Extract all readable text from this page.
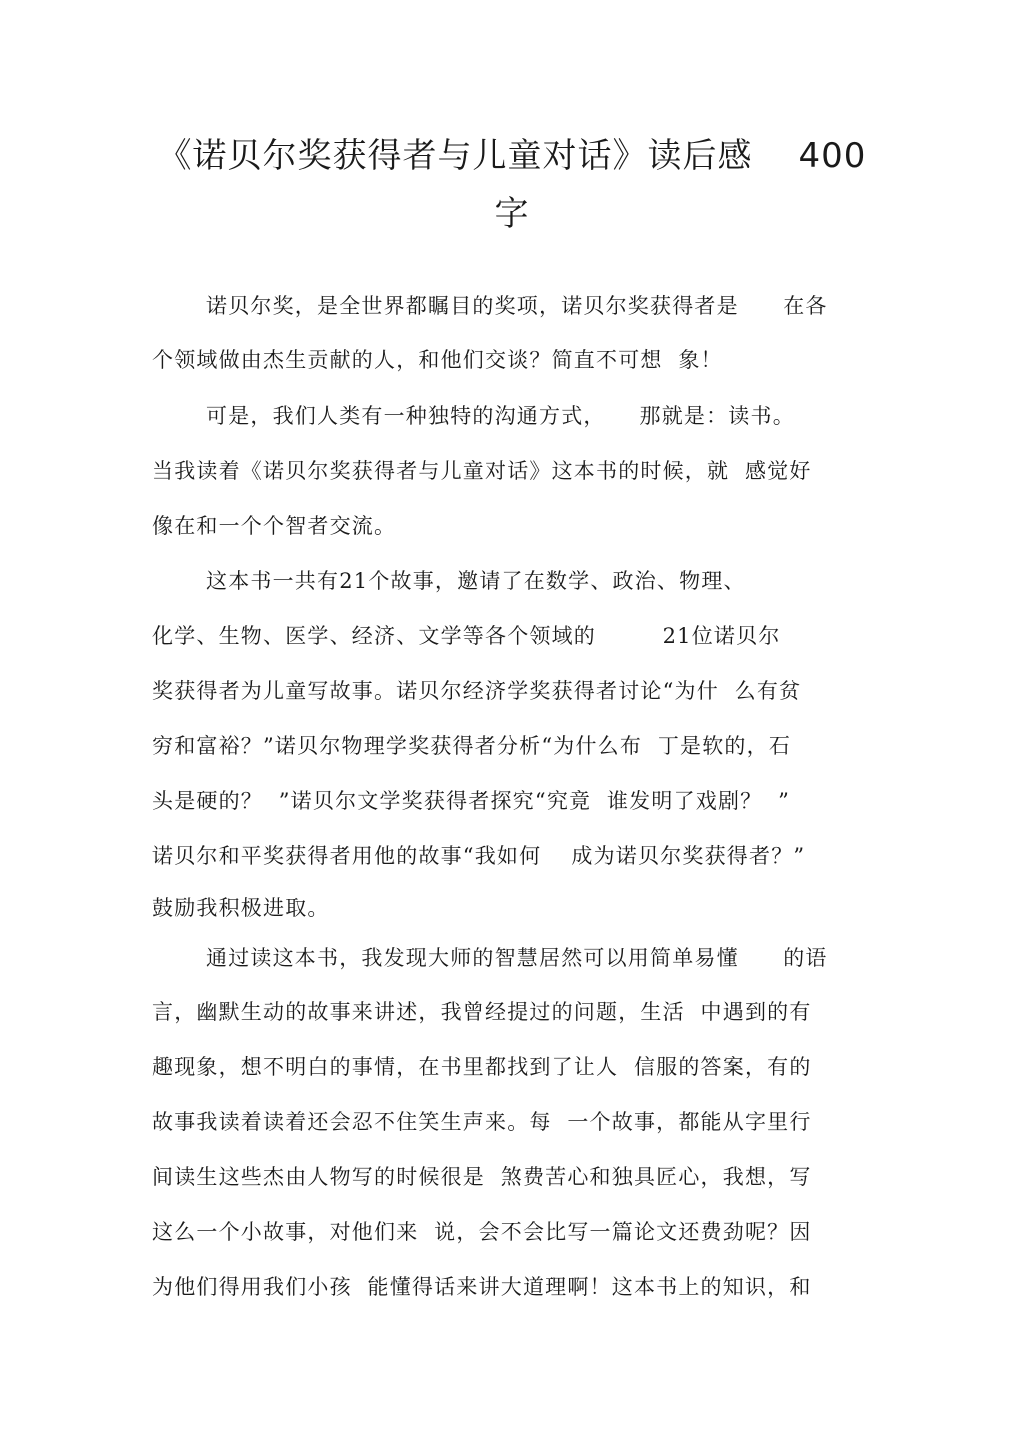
《诺贝尔奖获得者与儿童对话》读后感 400
字
诺贝尔奖，是全世界都瞩目的奖项，诺贝尔奖获得者是　　在各
个领域做由杰生贡献的人，和他们交谈？简直不可想  象！
可是，我们人类有一种独特的沟通方式，　　那就是：读书。
当我读着《诺贝尔奖获得者与儿童对话》这本书的时候，就  感觉好
像在和一个个智者交流。
这本书一共有21个故事，邀请了在数学、政治、物理、
化学、生物、医学、经济、文学等各个领域的　　　21位诺贝尔
奖获得者为儿童写故事。诺贝尔经济学奖获得者讨论“为什  么有贫
穷和富裕？”诺贝尔物理学奖获得者分析“为什么布  丁是软的，石
头是硬的？  ”诺贝尔文学奖获得者探究“究竟  谁发明了戏剧？  ”
诺贝尔和平奖获得者用他的故事“我如何　 成为诺贝尔奖获得者？”
鼓励我积极进取。
通过读这本书，我发现大师的智慧居然可以用简单易懂　　的语
言，幽默生动的故事来讲述，我曾经提过的问题，生活  中遇到的有
趣现象，想不明白的事情，在书里都找到了让人  信服的答案，有的
故事我读着读着还会忍不住笑生声来。每  一个故事，都能从字里行
间读生这些杰由人物写的时候很是  煞费苦心和独具匠心，我想，写
这么一个小故事，对他们来  说，会不会比写一篇论文还费劲呢？因
为他们得用我们小孩  能懂得话来讲大道理啊！这本书上的知识，和
